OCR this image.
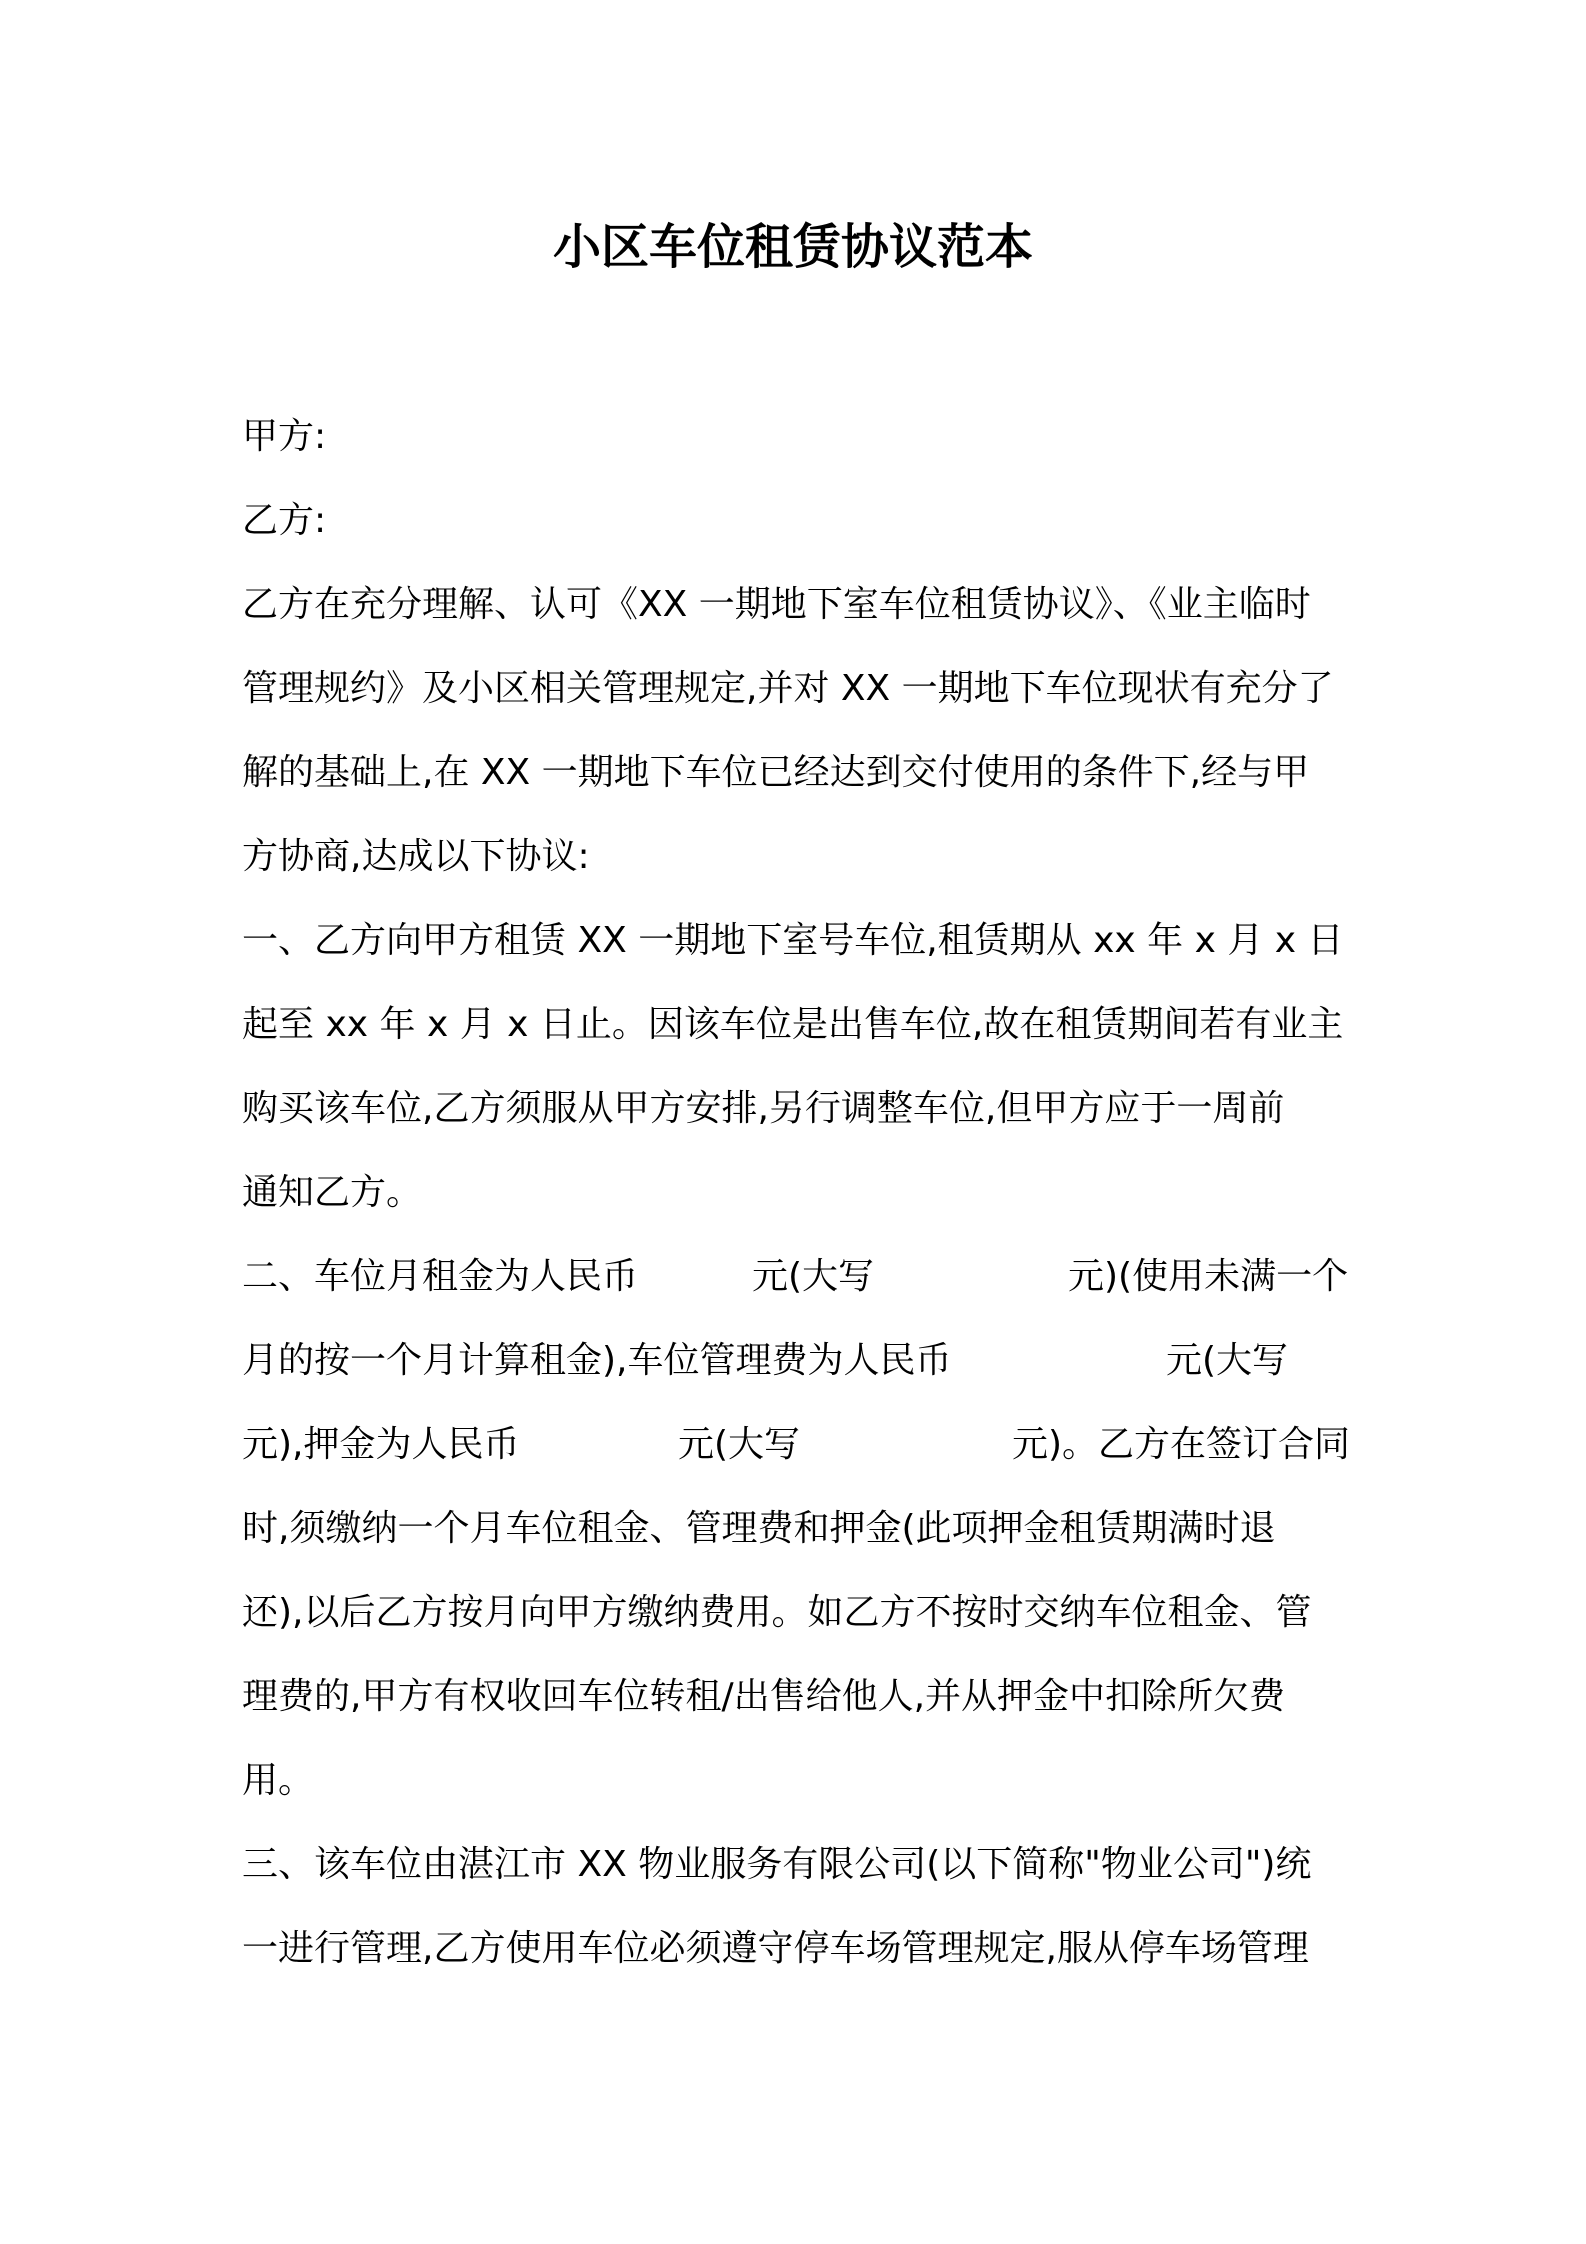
小区车位租赁协议范本
甲方:
乙方:
乙方在充分理解、认可《XX 一期地下室车位租赁协议》、《业主临时
管理规约》及小区相关管理规定,并对 XX 一期地下车位现状有充分了
解的基础上,在 XX 一期地下车位已经达到交付使用的条件下,经与甲
方协商,达成以下协议:
一、乙方向甲方租赁 XX 一期地下室号车位,租赁期从 xx 年 x 月 x 日
起至 xx 年 x 月 x 日止。因该车位是出售车位,故在租赁期间若有业主
购买该车位,乙方须服从甲方安排,另行调整车位,但甲方应于一周前
通知乙方。
二、车位月租金为人民币	元(大写	元)(使用未满一个
月的按一个月计算租金),车位管理费为人民币	元(大写
元),押金为人民币	元(大写	元)。乙方在签订合同
时,须缴纳一个月车位租金、管理费和押金(此项押金租赁期满时退
还),以后乙方按月向甲方缴纳费用。如乙方不按时交纳车位租金、管
理费的,甲方有权收回车位转租/出售给他人,并从押金中扣除所欠费
用。
三、该车位由湛江市 XX 物业服务有限公司(以下简称"物业公司")统
一进行管理,乙方使用车位必须遵守停车场管理规定,服从停车场管理
